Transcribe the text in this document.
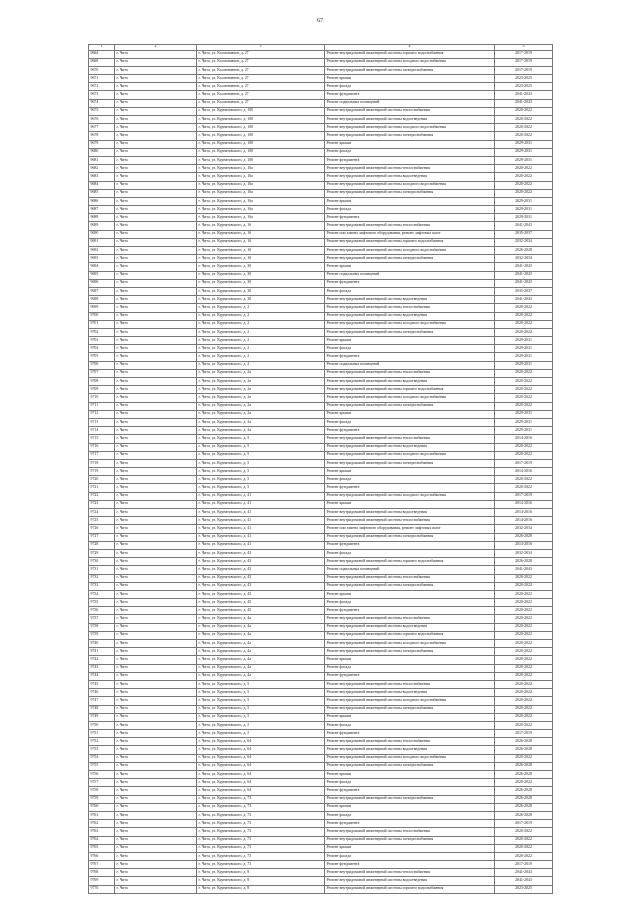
67
1	2	3	4	5
9664	г. Чита	г. Чита, ул. Космонавтов, д. 27	Ремонт внутридомовой инженерной системы горячего водоснабжения	2017-2019
9668	г. Чита	г. Чита, ул. Космонавтов, д. 27	Ремонт внутридомовой инженерной системы холодного водоснабжения	2017-2019
9670	г. Чита	г. Чита, ул. Космонавтов, д. 27	Ремонт внутридомовой инженерной системы электроснабжения	2017-2019
9671	г. Чита	г. Чита, ул. Космонавтов, д. 27	Ремонт крыши	2023-2025
9672	г. Чита	г. Чита, ул. Космонавтов, д. 27	Ремонт фасада	2023-2025
9673	г. Чита	г. Чита, ул. Космонавтов, д. 27	Ремонт фундамента	2041-2043
9674	г. Чита	г. Чита, ул. Космонавтов, д. 27	Ремонт подвальных помещений	2041-2043
9675	г. Чита	г. Чита, ул. Курнатовского, д. 100	Ремонт внутридомовой инженерной системы теплоснабжения	2020-2022
9676	г. Чита	г. Чита, ул. Курнатовского, д. 100	Ремонт внутридомовой инженерной системы водоотведения	2020-2022
9677	г. Чита	г. Чита, ул. Курнатовского, д. 100	Ремонт внутридомовой инженерной системы холодного водоснабжения	2020-2022
9678	г. Чита	г. Чита, ул. Курнатовского, д. 100	Ремонт внутридомовой инженерной системы электроснабжения	2020-2022
9679	г. Чита	г. Чита, ул. Курнатовского, д. 100	Ремонт крыши	2029-2031
9680	г. Чита	г. Чита, ул. Курнатовского, д. 100	Ремонт фасада	2029-2031
9681	г. Чита	г. Чита, ул. Курнатовского, д. 100	Ремонт фундамента	2029-2031
9682	г. Чита	г. Чита, ул. Курнатовского, д. 16а	Ремонт внутридомовой инженерной системы теплоснабжения	2020-2022
9683	г. Чита	г. Чита, ул. Курнатовского, д. 16а	Ремонт внутридомовой инженерной системы водоотведения	2020-2022
9684	г. Чита	г. Чита, ул. Курнатовского, д. 16а	Ремонт внутридомовой инженерной системы холодного водоснабжения	2020-2022
9685	г. Чита	г. Чита, ул. Курнатовского, д. 16а	Ремонт внутридомовой инженерной системы электроснабжения	2020-2022
9686	г. Чита	г. Чита, ул. Курнатовского, д. 16а	Ремонт крыши	2029-2031
9687	г. Чита	г. Чита, ул. Курнатовского, д. 16а	Ремонт фасада	2029-2031
9688	г. Чита	г. Чита, ул. Курнатовского, д. 16а	Ремонт фундамента	2029-2031
9689	г. Чита	г. Чита, ул. Курнатовского, д. 16	Ремонт внутридомовой инженерной системы теплоснабжения	2041-2043
9690	г. Чита	г. Чита, ул. Курнатовского, д. 16	Ремонт или замена лифтового оборудования, ремонт лифтовых шахт	2035-2037
9691	г. Чита	г. Чита, ул. Курнатовского, д. 16	Ремонт внутридомовой инженерной системы горячего водоснабжения	2032-2034
9692	г. Чита	г. Чита, ул. Курнатовского, д. 16	Ремонт внутридомовой инженерной системы холодного водоснабжения	2026-2028
9693	г. Чита	г. Чита, ул. Курнатовского, д. 16	Ремонт внутридомовой инженерной системы электроснабжения	2032-2034
9694	г. Чита	г. Чита, ул. Курнатовского, д. 30	Ремонт крыши	2041-2043
9695	г. Чита	г. Чита, ул. Курнатовского, д. 30	Ремонт подвальных помещений	2041-2043
9696	г. Чита	г. Чита, ул. Курнатовского, д. 30	Ремонт фундамента	2041-2043
9697	г. Чита	г. Чита, ул. Курнатовского, д. 30	Ремонт фасада	2035-2037
9698	г. Чита	г. Чита, ул. Курнатовского, д. 30	Ремонт внутридомовой инженерной системы водоотведения	2041-2043
9699	г. Чита	г. Чита, ул. Курнатовского, д. 2	Ремонт внутридомовой инженерной системы теплоснабжения	2020-2022
9700	г. Чита	г. Чита, ул. Курнатовского, д. 2	Ремонт внутридомовой инженерной системы водоотведения	2020-2022
9701	г. Чита	г. Чита, ул. Курнатовского, д. 2	Ремонт внутридомовой инженерной системы холодного водоснабжения	2020-2022
9702	г. Чита	г. Чита, ул. Курнатовского, д. 2	Ремонт внутридомовой инженерной системы электроснабжения	2020-2022
9703	г. Чита	г. Чита, ул. Курнатовского, д. 2	Ремонт крыши	2029-2031
9704	г. Чита	г. Чита, ул. Курнатовского, д. 2	Ремонт фасада	2029-2031
9705	г. Чита	г. Чита, ул. Курнатовского, д. 2	Ремонт фундамента	2029-2031
9706	г. Чита	г. Чита, ул. Курнатовского, д. 2	Ремонт подвальных помещений	2029-2031
9707	г. Чита	г. Чита, ул. Курнатовского, д. 2а	Ремонт внутридомовой инженерной системы теплоснабжения	2020-2022
9708	г. Чита	г. Чита, ул. Курнатовского, д. 2а	Ремонт внутридомовой инженерной системы водоотведения	2020-2022
9709	г. Чита	г. Чита, ул. Курнатовского, д. 2а	Ремонт внутридомовой инженерной системы горячего водоснабжения	2020-2022
9710	г. Чита	г. Чита, ул. Курнатовского, д. 2а	Ремонт внутридомовой инженерной системы холодного водоснабжения	2020-2022
9711	г. Чита	г. Чита, ул. Курнатовского, д. 2а	Ремонт внутридомовой инженерной системы электроснабжения	2020-2022
9712	г. Чита	г. Чита, ул. Курнатовского, д. 2а	Ремонт крыши	2029-2031
9713	г. Чита	г. Чита, ул. Курнатовского, д. 2а	Ремонт фасада	2029-2031
9714	г. Чита	г. Чита, ул. Курнатовского, д. 2а	Ремонт фундамента	2029-2031
9715	г. Чита	г. Чита, ул. Курнатовского, д. 5	Ремонт внутридомовой инженерной системы теплоснабжения	2014-2016
9716	г. Чита	г. Чита, ул. Курнатовского, д. 5	Ремонт внутридомовой инженерной системы водоотведения	2020-2022
9717	г. Чита	г. Чита, ул. Курнатовского, д. 5	Ремонт внутридомовой инженерной системы холодного водоснабжения	2020-2022
9718	г. Чита	г. Чита, ул. Курнатовского, д. 5	Ремонт внутридомовой инженерной системы электроснабжения	2017-2019
9719	г. Чита	г. Чита, ул. Курнатовского, д. 5	Ремонт крыши	2014-2016
9720	г. Чита	г. Чита, ул. Курнатовского, д. 5	Ремонт фасада	2020-2022
9721	г. Чита	г. Чита, ул. Курнатовского, д. 5	Ремонт фундамента	2020-2022
9722	г. Чита	г. Чита, ул. Курнатовского, д. 41	Ремонт внутридомовой инженерной системы холодного водоснабжения	2017-2019
9723	г. Чита	г. Чита, ул. Курнатовского, д. 41	Ремонт крыши	2014-2016
9724	г. Чита	г. Чита, ул. Курнатовского, д. 41	Ремонт внутридомовой инженерной системы водоотведения	2014-2016
9725	г. Чита	г. Чита, ул. Курнатовского, д. 41	Ремонт внутридомовой инженерной системы теплоснабжения	2014-2016
9726	г. Чита	г. Чита, ул. Курнатовского, д. 41	Ремонт или замена лифтового оборудования, ремонт лифтовых шахт	2032-2034
9727	г. Чита	г. Чита, ул. Курнатовского, д. 41	Ремонт внутридомовой инженерной системы электроснабжения	2026-2028
9728	г. Чита	г. Чита, ул. Курнатовского, д. 41	Ремонт фундамента	2014-2016
9729	г. Чита	г. Чита, ул. Курнатовского, д. 43	Ремонт фасада	2032-2034
9730	г. Чита	г. Чита, ул. Курнатовского, д. 43	Ремонт внутридомовой инженерной системы горячего водоснабжения	2026-2028
9731	г. Чита	г. Чита, ул. Курнатовского, д. 43	Ремонт подвальных помещений	2041-2043
9732	г. Чита	г. Чита, ул. Курнатовского, д. 43	Ремонт внутридомовой инженерной системы теплоснабжения	2020-2022
9733	г. Чита	г. Чита, ул. Курнатовского, д. 43	Ремонт внутридомовой инженерной системы электроснабжения	2020-2022
9734	г. Чита	г. Чита, ул. Курнатовского, д. 43	Ремонт крыши	2020-2022
9735	г. Чита	г. Чита, ул. Курнатовского, д. 45	Ремонт фасада	2020-2022
9736	г. Чита	г. Чита, ул. Курнатовского, д. 45	Ремонт фундамента	2020-2022
9737	г. Чита	г. Чита, ул. Курнатовского, д. 4а	Ремонт внутридомовой инженерной системы теплоснабжения	2020-2022
9738	г. Чита	г. Чита, ул. Курнатовского, д. 4а	Ремонт внутридомовой инженерной системы водоотведения	2020-2022
9739	г. Чита	г. Чита, ул. Курнатовского, д. 4а	Ремонт внутридомовой инженерной системы горячего водоснабжения	2020-2022
9740	г. Чита	г. Чита, ул. Курнатовского, д. 4а	Ремонт внутридомовой инженерной системы холодного водоснабжения	2020-2022
9741	г. Чита	г. Чита, ул. Курнатовского, д. 4а	Ремонт внутридомовой инженерной системы электроснабжения	2020-2022
9742	г. Чита	г. Чита, ул. Курнатовского, д. 4а	Ремонт крыши	2020-2022
9743	г. Чита	г. Чита, ул. Курнатовского, д. 4а	Ремонт фасада	2020-2022
9744	г. Чита	г. Чита, ул. Курнатовского, д. 4а	Ремонт фундамента	2020-2022
9745	г. Чита	г. Чита, ул. Курнатовского, д. 5	Ремонт внутридомовой инженерной системы теплоснабжения	2020-2022
9746	г. Чита	г. Чита, ул. Курнатовского, д. 5	Ремонт внутридомовой инженерной системы водоотведения	2020-2022
9747	г. Чита	г. Чита, ул. Курнатовского, д. 5	Ремонт внутридомовой инженерной системы холодного водоснабжения	2020-2022
9748	г. Чита	г. Чита, ул. Курнатовского, д. 5	Ремонт внутридомовой инженерной системы электроснабжения	2020-2022
9749	г. Чита	г. Чита, ул. Курнатовского, д. 5	Ремонт крыши	2020-2022
9750	г. Чита	г. Чита, ул. Курнатовского, д. 5	Ремонт фасада	2020-2022
9751	г. Чита	г. Чита, ул. Курнатовского, д. 5	Ремонт фундамента	2017-2019
9752	г. Чита	г. Чита, ул. Курнатовского, д. 64	Ремонт внутридомовой инженерной системы теплоснабжения	2026-2028
9753	г. Чита	г. Чита, ул. Курнатовского, д. 64	Ремонт внутридомовой инженерной системы водоотведения	2026-2028
9754	г. Чита	г. Чита, ул. Курнатовского, д. 64	Ремонт внутридомовой инженерной системы холодного водоснабжения	2020-2022
9755	г. Чита	г. Чита, ул. Курнатовского, д. 64	Ремонт внутридомовой инженерной системы электроснабжения	2026-2028
9756	г. Чита	г. Чита, ул. Курнатовского, д. 64	Ремонт крыши	2026-2028
9757	г. Чита	г. Чита, ул. Курнатовского, д. 64	Ремонт фасада	2020-2022
9758	г. Чита	г. Чита, ул. Курнатовского, д. 64	Ремонт фундамента	2026-2028
9759	г. Чита	г. Чита, ул. Курнатовского, д. 73	Ремонт внутридомовой инженерной системы электроснабжения	2026-2028
9760	г. Чита	г. Чита, ул. Курнатовского, д. 73	Ремонт крыши	2026-2028
9761	г. Чита	г. Чита, ул. Курнатовского, д. 73	Ремонт фасада	2026-2028
9762	г. Чита	г. Чита, ул. Курнатовского, д. 73	Ремонт фундамента	2017-2019
9763	г. Чита	г. Чита, ул. Курнатовского, д. 73	Ремонт внутридомовой инженерной системы теплоснабжения	2020-2022
9764	г. Чита	г. Чита, ул. Курнатовского, д. 73	Ремонт внутридомовой инженерной системы электроснабжения	2020-2022
9765	г. Чита	г. Чита, ул. Курнатовского, д. 73	Ремонт крыши	2020-2022
9766	г. Чита	г. Чита, ул. Курнатовского, д. 73	Ремонт фасада	2020-2022
9767	г. Чита	г. Чита, ул. Курнатовского, д. 73	Ремонт фундамента	2017-2019
9768	г. Чита	г. Чита, ул. Курнатовского, д. 8	Ремонт внутридомовой инженерной системы теплоснабжения	2041-2043
9769	г. Чита	г. Чита, ул. Курнатовского, д. 8	Ремонт внутридомовой инженерной системы водоотведения	2041-2043
9770	г. Чита	г. Чита, ул. Курнатовского, д. 8	Ремонт внутридомовой инженерной системы горячего водоснабжения	2023-2025
